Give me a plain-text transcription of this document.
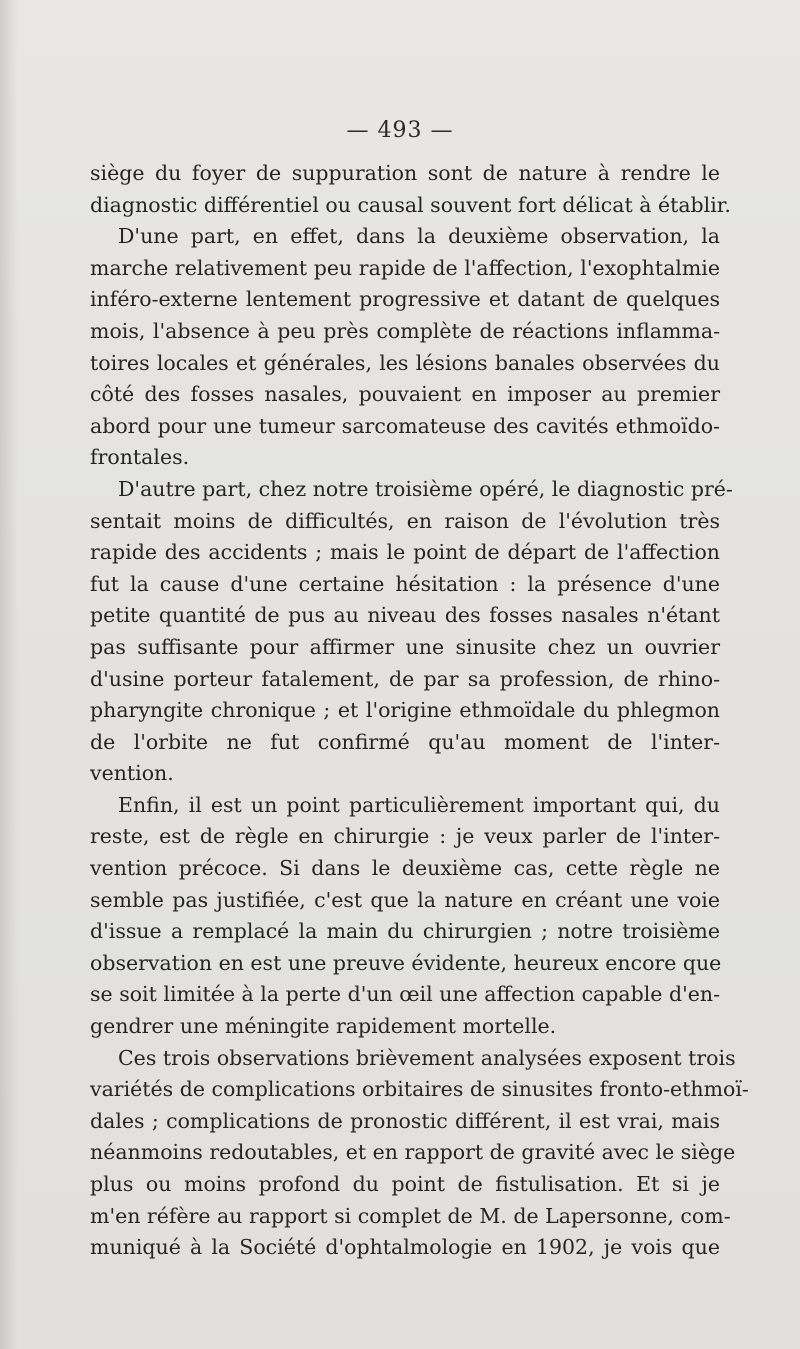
— 493 —

siège du foyer de suppuration sont de nature à rendre le
diagnostic différentiel ou causal souvent fort délicat à établir.

D'une part, en effet, dans la deuxième observation, la
marche relativement peu rapide de l'affection, l'exophtalmie
inféro-externe lentement progressive et datant de quelques
mois, l'absence à peu près complète de réactions inflamma-
toires locales et générales, les lésions banales observées du
côté des fosses nasales, pouvaient en imposer au premier
abord pour une tumeur sarcomateuse des cavités ethmoïdo-
frontales.

D'autre part, chez notre troisième opéré, le diagnostic pré-
sentait moins de difficultés, en raison de l'évolution très
rapide des accidents ; mais le point de départ de l'affection
fut la cause d'une certaine hésitation : la présence d'une
petite quantité de pus au niveau des fosses nasales n'étant
pas suffisante pour affirmer une sinusite chez un ouvrier
d'usine porteur fatalement, de par sa profession, de rhino-
pharyngite chronique ; et l'origine ethmoïdale du phlegmon
de l'orbite ne fut confirmé qu'au moment de l'inter-
vention.

Enfin, il est un point particulièrement important qui, du
reste, est de règle en chirurgie : je veux parler de l'inter-
vention précoce. Si dans le deuxième cas, cette règle ne
semble pas justifiée, c'est que la nature en créant une voie
d'issue a remplacé la main du chirurgien ; notre troisième
observation en est une preuve évidente, heureux encore que
se soit limitée à la perte d'un œil une affection capable d'en-
gendrer une méningite rapidement mortelle.

Ces trois observations brièvement analysées exposent trois
variétés de complications orbitaires de sinusites fronto-ethmoï-
dales ; complications de pronostic différent, il est vrai, mais
néanmoins redoutables, et en rapport de gravité avec le siège
plus ou moins profond du point de fistulisation. Et si je
m'en réfère au rapport si complet de M. de Lapersonne, com-
muniqué à la Société d'ophtalmologie en 1902, je vois que
